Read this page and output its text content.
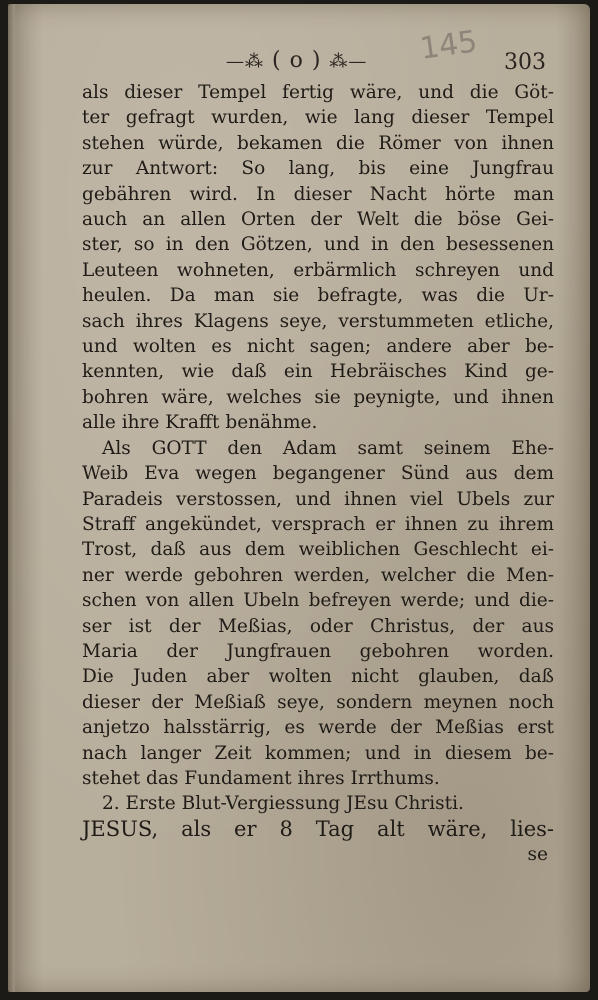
—⁂ ( o ) ⁂— 145 303
als dieser Tempel fertig wäre, und die Göt-
ter gefragt wurden, wie lang dieser Tempel
stehen würde, bekamen die Römer von ihnen
zur Antwort: So lang, bis eine Jungfrau
gebähren wird. In dieser Nacht hörte man
auch an allen Orten der Welt die böse Gei-
ster, so in den Götzen, und in den besessenen
Leuteen wohneten, erbärmlich schreyen und
heulen. Da man sie befragte, was die Ur-
sach ihres Klagens seye, verstummeten etliche,
und wolten es nicht sagen; andere aber be-
kennten, wie daß ein Hebräisches Kind ge-
bohren wäre, welches sie peynigte, und ihnen
alle ihre Krafft benähme.
Als GOTT den Adam samt seinem Ehe-
Weib Eva wegen begangener Sünd aus dem
Paradeis verstossen, und ihnen viel Ubels zur
Straff angekündet, versprach er ihnen zu ihrem
Trost, daß aus dem weiblichen Geschlecht ei-
ner werde gebohren werden, welcher die Men-
schen von allen Ubeln befreyen werde; und die-
ser ist der Meßias, oder Christus, der aus
Maria der Jungfrauen gebohren worden.
Die Juden aber wolten nicht glauben, daß
dieser der Meßiaß seye, sondern meynen noch
anjetzo halsstärrig, es werde der Meßias erst
nach langer Zeit kommen; und in diesem be-
stehet das Fundament ihres Irrthums.
2. Erste Blut-Vergiessung JEsu Christi.
JESUS, als er 8 Tag alt wäre, lies-
se
